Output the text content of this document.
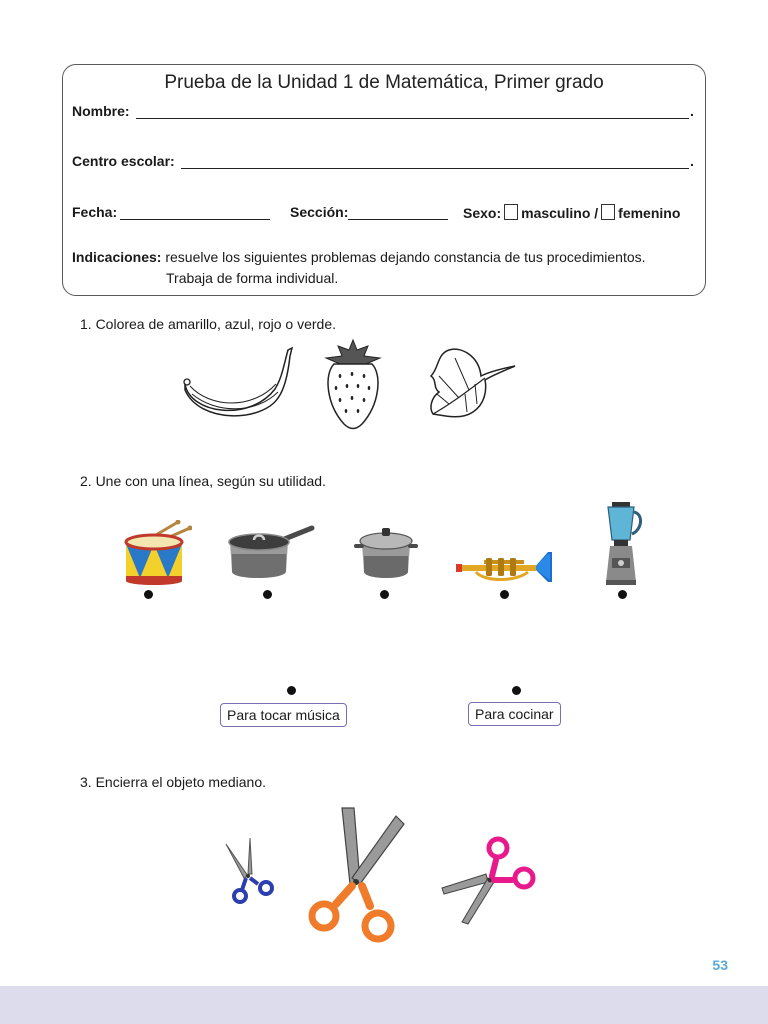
Prueba de la Unidad 1 de Matemática, Primer grado
Nombre:	.
Centro escolar:	.
Fecha:	Sección:	Sexo: masculino / femenino
Indicaciones: resuelve los siguientes problemas dejando constancia de tus procedimientos.
Trabaja de forma individual.
1. Colorea de amarillo, azul, rojo o verde.
2. Une con una línea, según su utilidad.
Para tocar música	Para cocinar
3. Encierra el objeto mediano.
53
